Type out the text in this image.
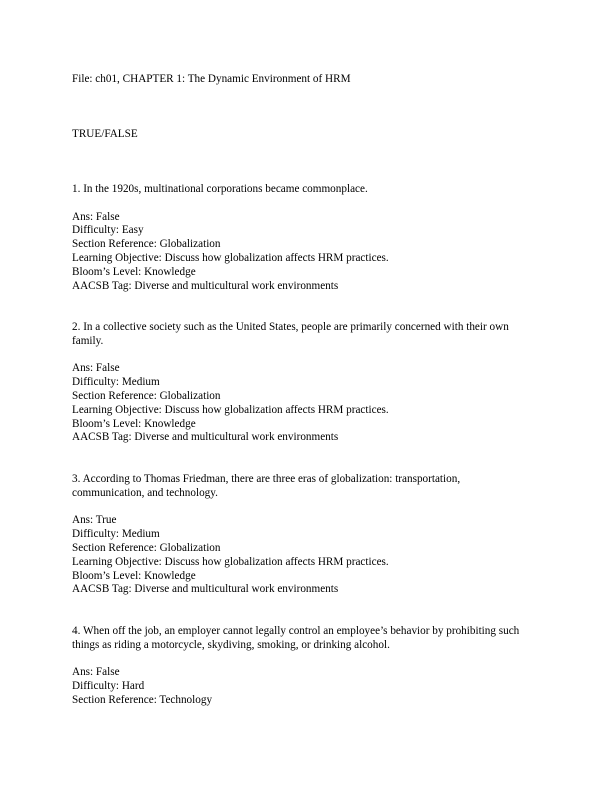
File: ch01, CHAPTER 1: The Dynamic Environment of HRM
TRUE/FALSE

1. In the 1920s, multinational corporations became commonplace.

Ans: False
Difficulty: Easy
Section Reference: Globalization
Learning Objective: Discuss how globalization affects HRM practices.
Bloom’s Level: Knowledge
AACSB Tag: Diverse and multicultural work environments

2. In a collective society such as the United States, people are primarily concerned with their own family.

Ans: False
Difficulty: Medium
Section Reference: Globalization
Learning Objective: Discuss how globalization affects HRM practices.
Bloom’s Level: Knowledge
AACSB Tag: Diverse and multicultural work environments

3. According to Thomas Friedman, there are three eras of globalization: transportation, communication, and technology.

Ans: True
Difficulty: Medium
Section Reference: Globalization
Learning Objective: Discuss how globalization affects HRM practices.
Bloom’s Level: Knowledge
AACSB Tag: Diverse and multicultural work environments

4. When off the job, an employer cannot legally control an employee’s behavior by prohibiting such things as riding a motorcycle, skydiving, smoking, or drinking alcohol.

Ans: False
Difficulty: Hard
Section Reference: Technology
